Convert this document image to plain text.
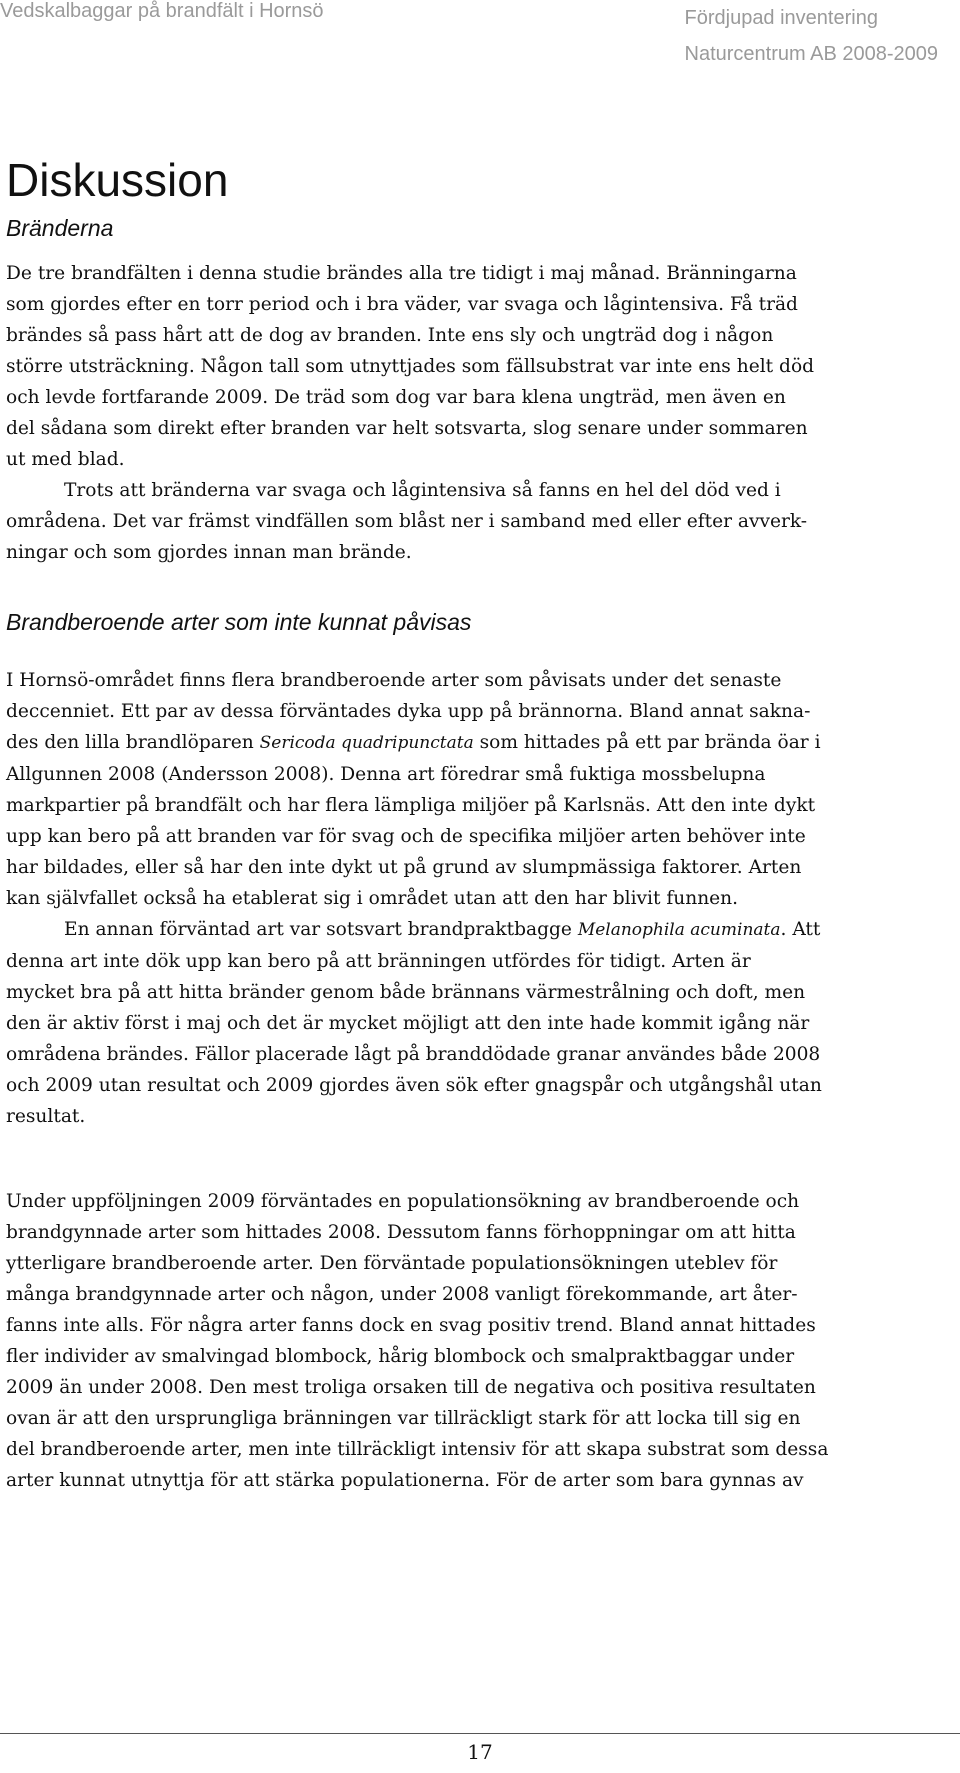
Vedskalbaggar på brandfält i Hornsö	Fördjupad inventering
Naturcentrum AB 2008-2009
Diskussion
Bränderna

De tre brandfälten i denna studie brändes alla tre tidigt i maj månad. Bränningarna

som gjordes efter en torr period och i bra väder, var svaga och lågintensiva. Få träd

brändes så pass hårt att de dog av branden. Inte ens sly och ungträd dog i någon

större utsträckning. Någon tall som utnyttjades som fällsubstrat var inte ens helt död

och levde fortfarande 2009. De träd som dog var bara klena ungträd, men även en

del sådana som direkt efter branden var helt sotsvarta, slog senare under sommaren

ut med blad.

Trots att bränderna var svaga och lågintensiva så fanns en hel del död ved i

områdena. Det var främst vindfällen som blåst ner i samband med eller efter avverk-

ningar och som gjordes innan man brände.

Brandberoende arter som inte kunnat påvisas

I Hornsö-området finns flera brandberoende arter som påvisats under det senaste

deccenniet. Ett par av dessa förväntades dyka upp på brännorna. Bland annat sakna-

des den lilla brandlöparen Sericoda quadripunctata som hittades på ett par brända öar i

Allgunnen 2008 (Andersson 2008). Denna art föredrar små fuktiga mossbelupna

markpartier på brandfält och har flera lämpliga miljöer på Karlsnäs. Att den inte dykt

upp kan bero på att branden var för svag och de specifika miljöer arten behöver inte

har bildades, eller så har den inte dykt ut på grund av slumpmässiga faktorer. Arten

kan självfallet också ha etablerat sig i området utan att den har blivit funnen.

En annan förväntad art var sotsvart brandpraktbagge Melanophila acuminata. Att

denna art inte dök upp kan bero på att bränningen utfördes för tidigt. Arten är

mycket bra på att hitta bränder genom både brännans värmestrålning och doft, men

den är aktiv först i maj och det är mycket möjligt att den inte hade kommit igång när

områdena brändes. Fällor placerade lågt på branddödade granar användes både 2008

och 2009 utan resultat och 2009 gjordes även sök efter gnagspår och utgångshål utan

resultat.

Under uppföljningen 2009 förväntades en populationsökning av brandberoende och

brandgynnade arter som hittades 2008. Dessutom fanns förhoppningar om att hitta

ytterligare brandberoende arter. Den förväntade populationsökningen uteblev för

många brandgynnade arter och någon, under 2008 vanligt förekommande, art åter-

fanns inte alls. För några arter fanns dock en svag positiv trend. Bland annat hittades

fler individer av smalvingad blombock, hårig blombock och smalpraktbaggar under

2009 än under 2008. Den mest troliga orsaken till de negativa och positiva resultaten

ovan är att den ursprungliga bränningen var tillräckligt stark för att locka till sig en

del brandberoende arter, men inte tillräckligt intensiv för att skapa substrat som dessa

arter kunnat utnyttja för att stärka populationerna. För de arter som bara gynnas av

17
